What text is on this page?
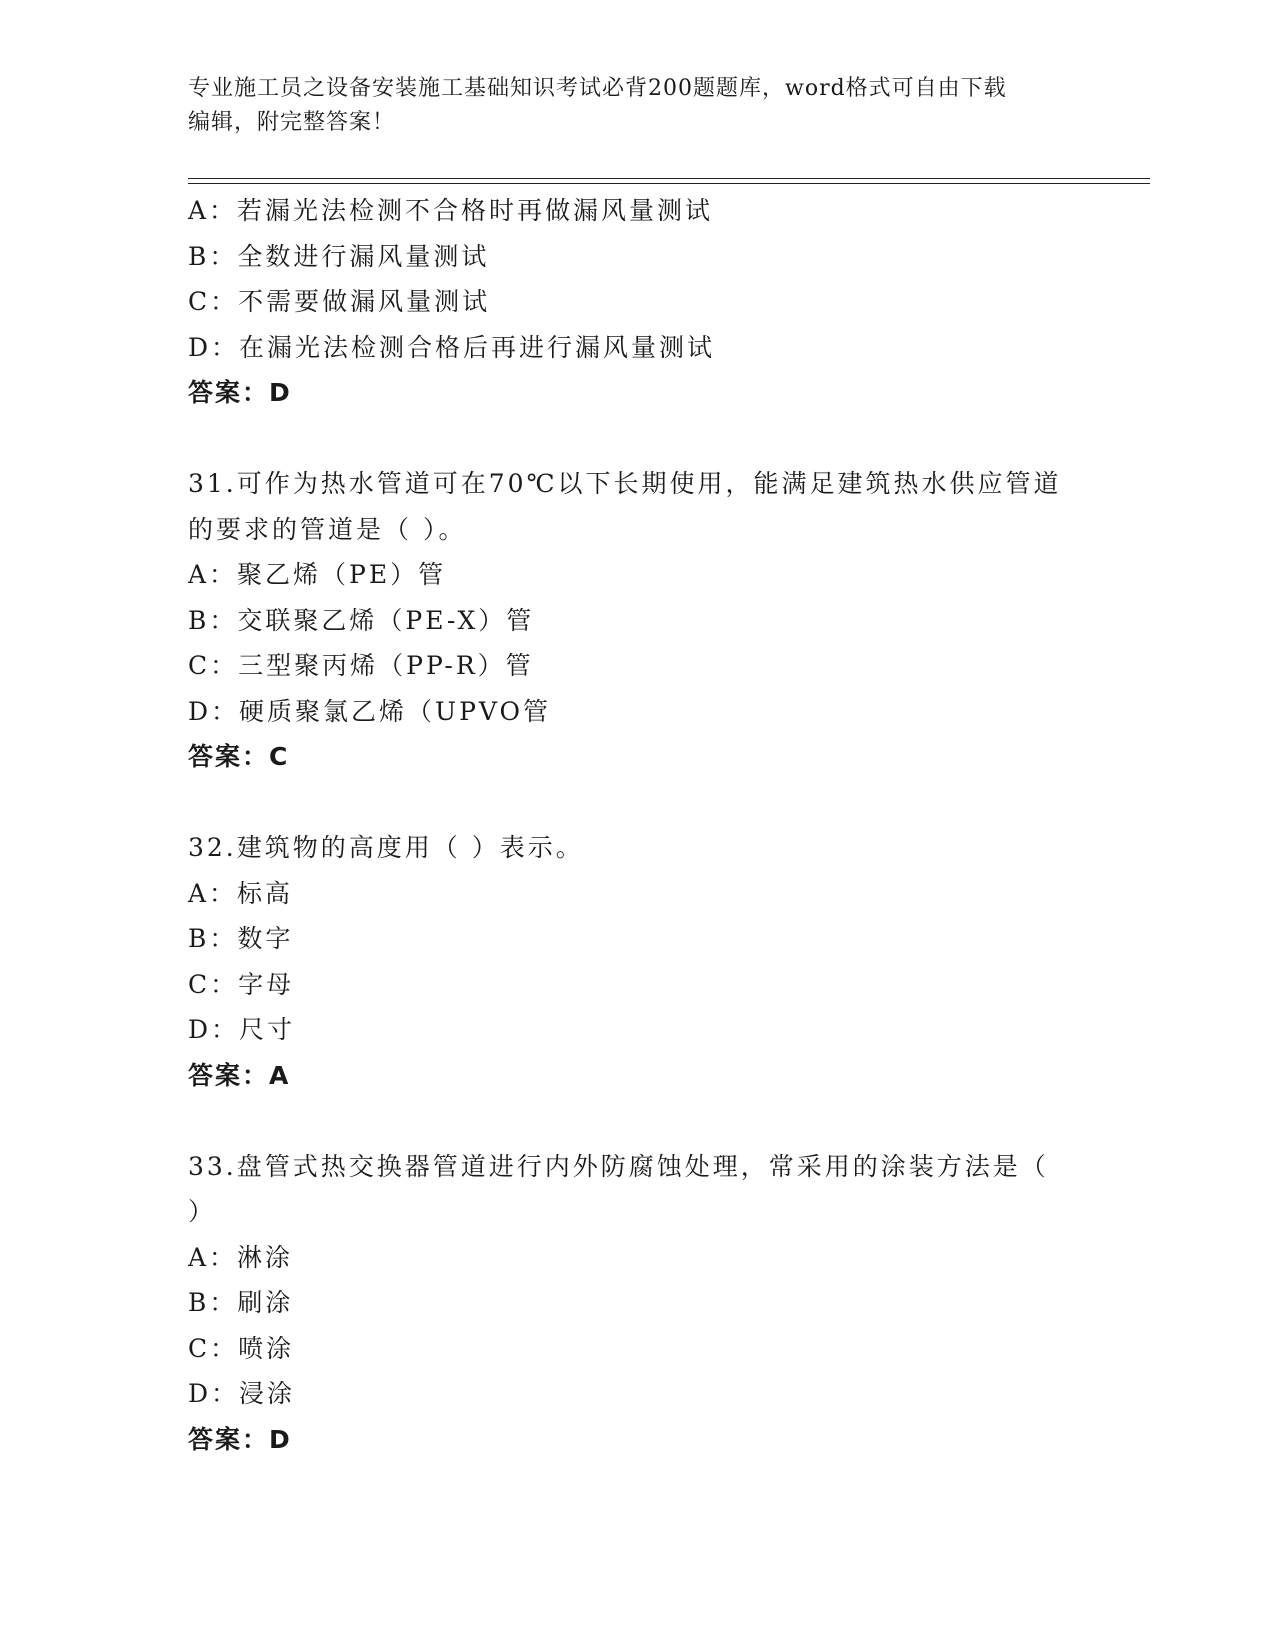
专业施工员之设备安装施工基础知识考试必背200题题库，word格式可自由下载
编辑，附完整答案！
A：若漏光法检测不合格时再做漏风量测试
B：全数进行漏风量测试
C：不需要做漏风量测试
D：在漏光法检测合格后再进行漏风量测试
答案：D
31.可作为热水管道可在70℃以下长期使用，能满足建筑热水供应管道
的要求的管道是（ ）。
A：聚乙烯（PE）管
B：交联聚乙烯（PE-X）管
C：三型聚丙烯（PP-R）管
D：硬质聚氯乙烯（UPVO管
答案：C
32.建筑物的高度用（ ）表示。
A：标高
B：数字
C：字母
D：尺寸
答案：A
33.盘管式热交换器管道进行内外防腐蚀处理，常采用的涂装方法是（
）
A：淋涂
B：刷涂
C：喷涂
D：浸涂
答案：D
